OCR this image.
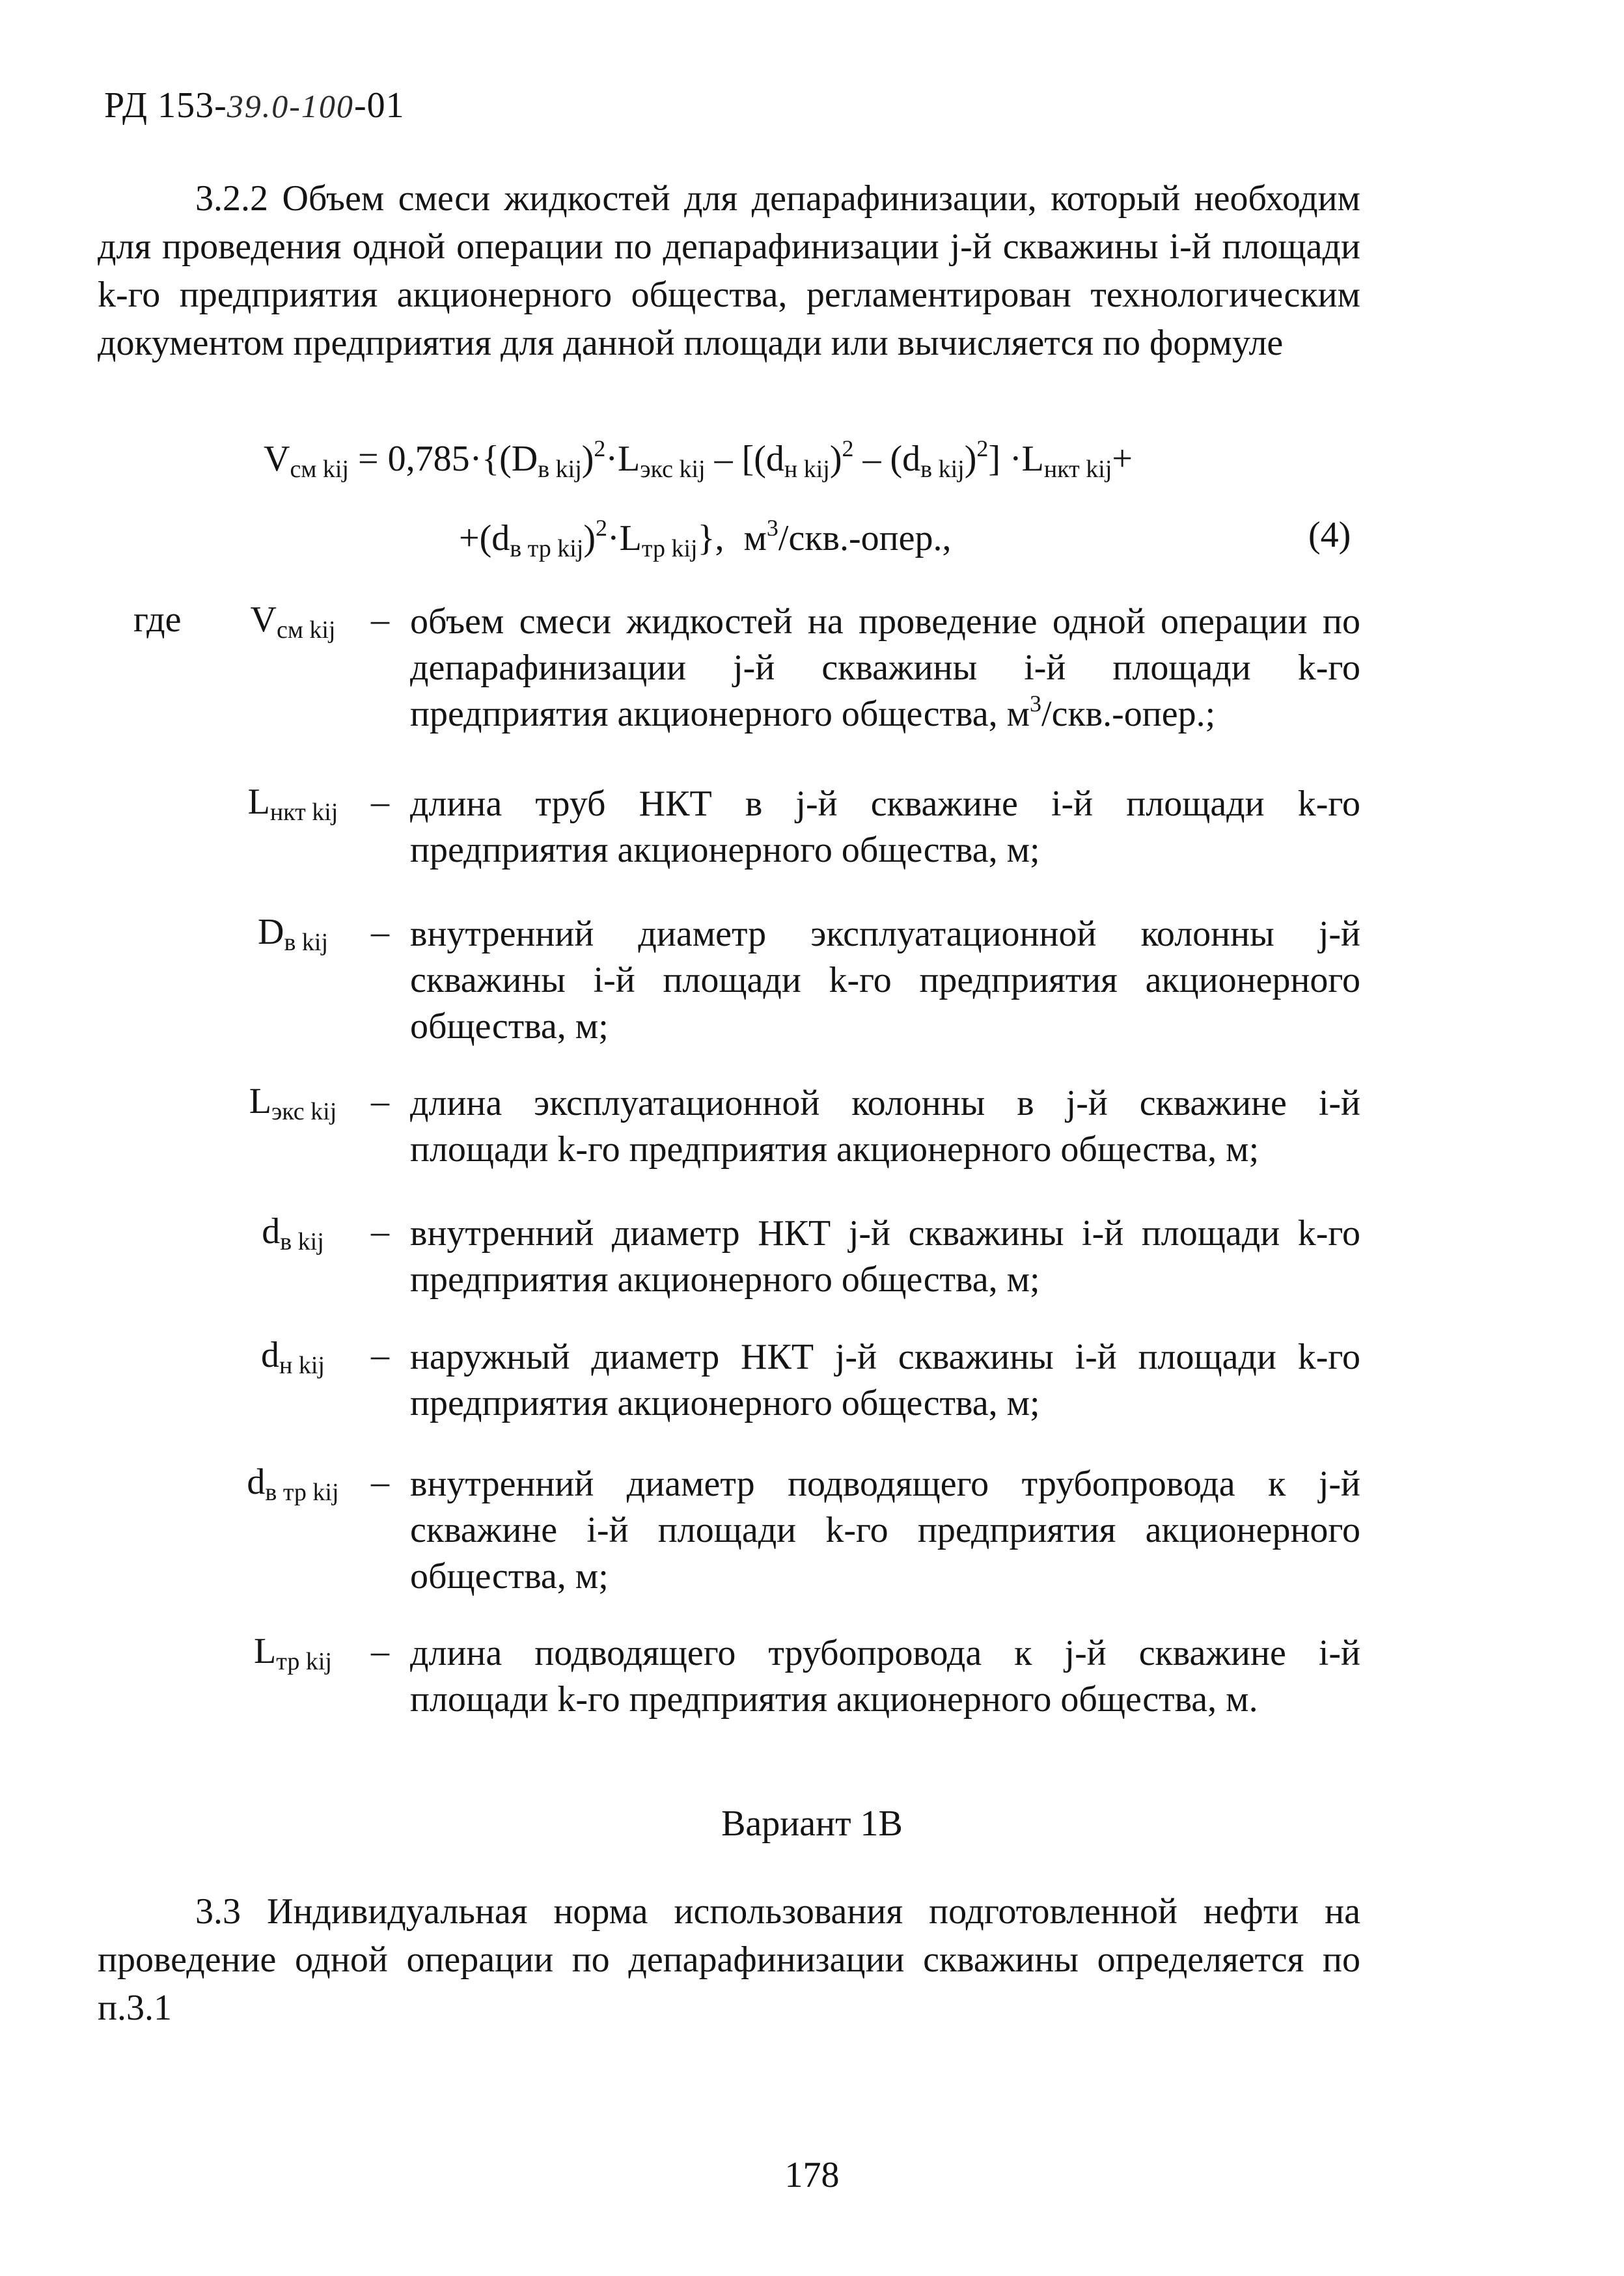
РД 153-39.0-100-01
3.2.2 Объем смеси жидкостей для депарафинизации, который необходим для проведения одной операции по депарафинизации j-й скважины i-й площади k-го предприятия акционерного общества, регламентирован технологическим документом предприятия для данной площади или вычисляется по формуле
$V_{см kij} = 0,785\cdot\{(D_{в kij})^2\cdot L_{экс kij} - [(d_{н kij})^2 - (d_{в kij})^2] \cdot L_{нкт kij}+$
$+(d_{в тр kij})^2\cdot L_{тр kij}$}, $м^3/скв$.-опер.,	(4)
где	$V_{см kij}$ – объем смеси жидкостей на проведение одной операции по депарафинизации j-й скважины i-й площади k-го предприятия акционерного общества, $м^3/скв$.-опер.;
$L_{нкт kij}$ – длина труб НКТ в j-й скважине i-й площади k-го предприятия акционерного общества, м;
$D_{в kij}$	– внутренний диаметр эксплуатационной колонны j-й скважины i-й площади k-го предприятия акционерного общества, м;
$L_{экс kij}$ – длина эксплуатационной колонны в j-й скважине i-й площади k-го предприятия акционерного общества, м;
$d_{в kij}$	– внутренний диаметр НКТ j-й скважины i-й площади k-го предприятия акционерного общества, м;
$d_{н kij}$	– наружный диаметр НКТ j-й скважины i-й площади k-го предприятия акционерного общества, м;
$d_{в тр kij}$ – внутренний диаметр подводящего трубопровода к j-й скважине i-й площади k-го предприятия акционерного общества, м;
$L_{тр kij}$	– длина подводящего трубопровода к j-й скважине i-й площади k-го предприятия акционерного общества, м.
Вариант 1В
3.3 Индивидуальная норма использования подготовленной нефти на проведение одной операции по депарафинизации скважины определяется по п.3.1
178
